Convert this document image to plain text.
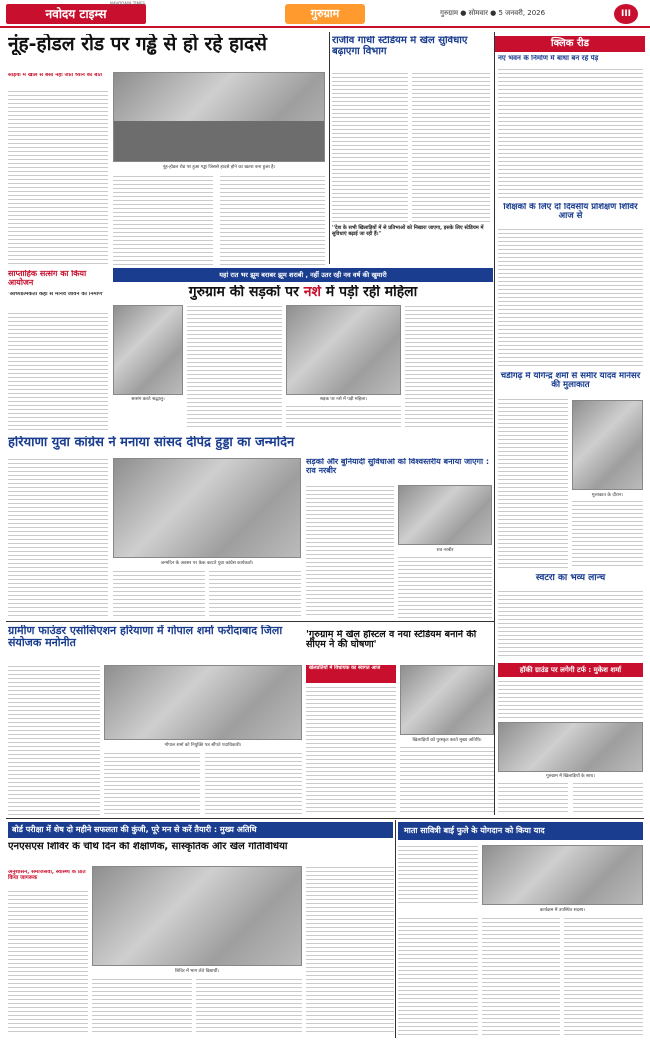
नवोदय टाइम्स
NAVODAYA TIMES
गुरुग्राम	गुरुग्राम ● सोमवार ● 5 जनवरी, 2026	III
नूंह-होडल रोड पर गड्ढे से हो रहे हादसे
सड़ियों में खोले से बसों नहीं जाते ध्यान को बातें
नूंह-होडल रोड पर हुआ गड्ढा जिससे हादसे होने का खतरा बना हुआ है।
राजीव गांधी स्टेडियम में खेल सुविधाएं बढ़ाएगा विभाग
''देश के सभी खिलाड़ियों में से प्रतिभाओं को निखारा जाएगा, इसके लिए स्टेडियम में सुविधाएं बढ़ाई जा रही हैं।''
क्लिक रीड
नए भवन के निर्माण में बाधा बन रहे पेड़
शिक्षकों के लिए दो दिवसीय प्रशिक्षण शिविर आज से
साप्ताहिक सत्संग का किया आयोजन
'आध्यात्मिकता कहीं से मानव जीवन का निर्माण'
यहां रात भर झूम बराबर झूम शराबी , नहीं उतर रही नव वर्ष की खुमारी
गुरुग्राम की सड़कों पर नशे में पड़ी रही महिला
सत्संग करते श्रद्धालु।	सड़क पर नशे में पड़ी महिला।
चंडीगढ़ में योगेन्द्र शर्मा से समीर यादव मानेसर की मुलाकात
मुलाकात के दौरान।
हरियाणा युवा कांग्रेस ने मनाया सांसद दीपेंद्र हुड्डा का जन्मदिन
जन्मदिन के अवसर पर केक काटते युवा कांग्रेस कार्यकर्ता।
सड़कों और बुनियादी सुविधाओं को विश्वस्तरीय बनाया जाएगा : राव नरबीर
राव नरबीर
स्वेटरों का भव्य लॉन्च
ग्रामीण फाउंडर एसोसिएशन हरियाणा में गोपाल शर्मा फरीदाबाद जिला संयोजक मनोनीत
गोपाल शर्मा को नियुक्ति पत्र सौंपते पदाधिकारी।
'गुरुग्राम में खेल हॉस्टल व नया स्टेडियम बनाने की सीएम ने की घोषणा'
खेलप्रतियों में विधायक का स्वागत आज
खिलाड़ियों को पुरस्कृत करते मुख्य अतिथि।
हॉकी ग्राउंड पर लगेगी टर्फ : मुकेश शर्मा
गुरुग्राम में खिलाड़ियों के साथ।
बोर्ड परीक्षा में शेष दो महीने सफलता की कुंजी, पूरे मन से करें तैयारी : मुख्य अतिथि	माता सावित्री बाई फुले के योगदान को किया याद
एनएसएस शिविर के चौथे दिन की शैक्षणिक, सांस्कृतिक और खेल गतिविधियां
अनुशासन, समाजसेवा, स्वास्थ्य के प्रति किया जागरूक
शिविर में भाग लेते विद्यार्थी।
कार्यक्रम में उपस्थित सदस्य।
